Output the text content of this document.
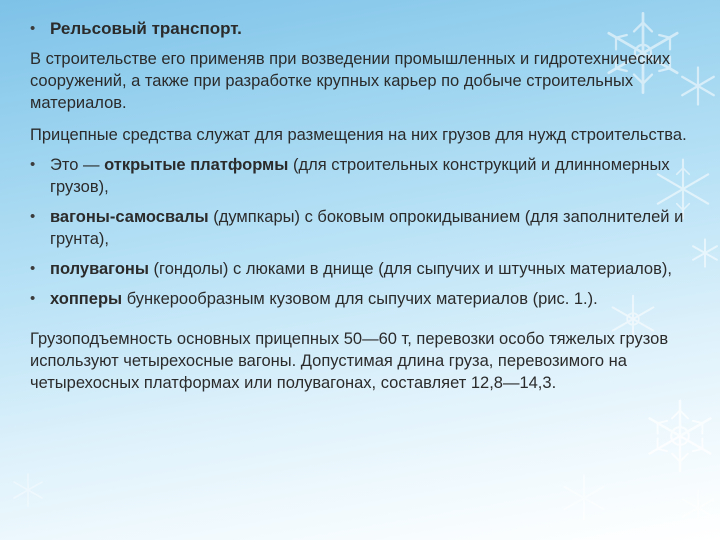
• Рельсовый транспорт.

В строительстве его применяв при возведении промышленных и гидротехнических сооружений, а также при разработке крупных карьер по добыче строительных материалов.

Прицепные средства служат для размещения на них грузов для нужд строительства.

• Это — открытые платформы (для строительных конструкций и длинномерных грузов),
• вагоны-самосвалы (думпкары) с боковым опрокидыванием (для заполнителей и грунта),
• полувагоны (гондолы) с люками в днище (для сыпучих и штучных материалов),
• хопперы бункерообразным кузовом для сыпучих материалов (рис. 1.).

Грузоподъемность основных прицепных 50—60 т, перевозки особо тяжелых грузов используют четырехосные вагоны. Допустимая длина груза, перевозимого на четырехосных платформах или полувагонах, составляет 12,8—14,3.
